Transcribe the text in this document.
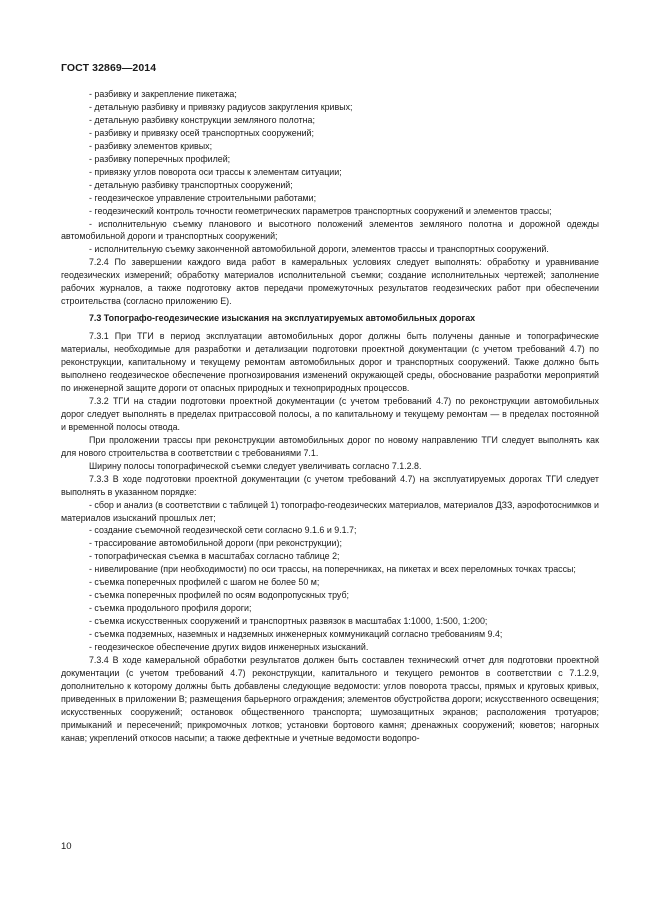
ГОСТ 32869—2014

- разбивку и закрепление пикетажа;

- детальную разбивку и привязку радиусов закругления кривых;

- детальную разбивку конструкции земляного полотна;

- разбивку и привязку осей транспортных сооружений;

- разбивку элементов кривых;

- разбивку поперечных профилей;

- привязку углов поворота оси трассы к элементам ситуации;

- детальную разбивку транспортных сооружений;

- геодезическое управление строительными работами;

- геодезический контроль точности геометрических параметров транспортных сооружений и элементов трассы;

- исполнительную съемку планового и высотного положений элементов земляного полотна и дорожной одежды автомобильной дороги и транспортных сооружений;

- исполнительную съемку законченной автомобильной дороги, элементов трассы и транспортных сооружений.

7.2.4 По завершении каждого вида работ в камеральных условиях следует выполнять: обработку и уравнивание геодезических измерений; обработку материалов исполнительной съемки; создание исполнительных чертежей; заполнение рабочих журналов, а также подготовку актов передачи промежуточных результатов геодезических работ при обеспечении строительства (согласно приложению Е).

7.3 Топографо-геодезические изыскания на эксплуатируемых автомобильных дорогах

7.3.1 При ТГИ в период эксплуатации автомобильных дорог должны быть получены данные и топографические материалы, необходимые для разработки и детализации подготовки проектной документации (с учетом требований 4.7) по реконструкции, капитальному и текущему ремонтам автомобильных дорог и транспортных сооружений. Также должно быть выполнено геодезическое обеспечение прогнозирования изменений окружающей среды, обоснование разработки мероприятий по инженерной защите дороги от опасных природных и техноприродных процессов.

7.3.2 ТГИ на стадии подготовки проектной документации (с учетом требований 4.7) по реконструкции автомобильных дорог следует выполнять в пределах притрассовой полосы, а по капитальному и текущему ремонтам — в пределах постоянной и временной полосы отвода.

При проложении трассы при реконструкции автомобильных дорог по новому направлению ТГИ следует выполнять как для нового строительства в соответствии с требованиями 7.1.

Ширину полосы топографической съемки следует увеличивать согласно 7.1.2.8.

7.3.3 В ходе подготовки проектной документации (с учетом требований 4.7) на эксплуатируемых дорогах ТГИ следует выполнять в указанном порядке:

- сбор и анализ (в соответствии с таблицей 1) топографо-геодезических материалов, материалов ДЗЗ, аэрофотоснимков и материалов изысканий прошлых лет;

- создание съемочной геодезической сети согласно 9.1.6 и 9.1.7;

- трассирование автомобильной дороги (при реконструкции);

- топографическая съемка в масштабах согласно таблице 2;

- нивелирование (при необходимости) по оси трассы, на поперечниках, на пикетах и всех переломных точках трассы;

- съемка поперечных профилей с шагом не более 50 м;

- съемка поперечных профилей по осям водопропускных труб;

- съемка продольного профиля дороги;

- съемка искусственных сооружений и транспортных развязок в масштабах 1:1000, 1:500, 1:200;

- съемка подземных, наземных и надземных инженерных коммуникаций согласно требованиям 9.4;

- геодезическое обеспечение других видов инженерных изысканий.

7.3.4 В ходе камеральной обработки результатов должен быть составлен технический отчет для подготовки проектной документации (с учетом требований 4.7) реконструкции, капитального и текущего ремонтов в соответствии с 7.1.2.9, дополнительно к которому должны быть добавлены следующие ведомости: углов поворота трассы, прямых и круговых кривых, приведенных в приложении В; размещения барьерного ограждения; элементов обустройства дороги; искусственного освещения; искусственных сооружений; остановок общественного транспорта; шумозащитных экранов; расположения тротуаров; примыканий и пересечений; прикромочных лотков; установки бортового камня; дренажных сооружений; кюветов; нагорных канав; укреплений откосов насыпи; а также дефектные и учетные ведомости водопро-

10
